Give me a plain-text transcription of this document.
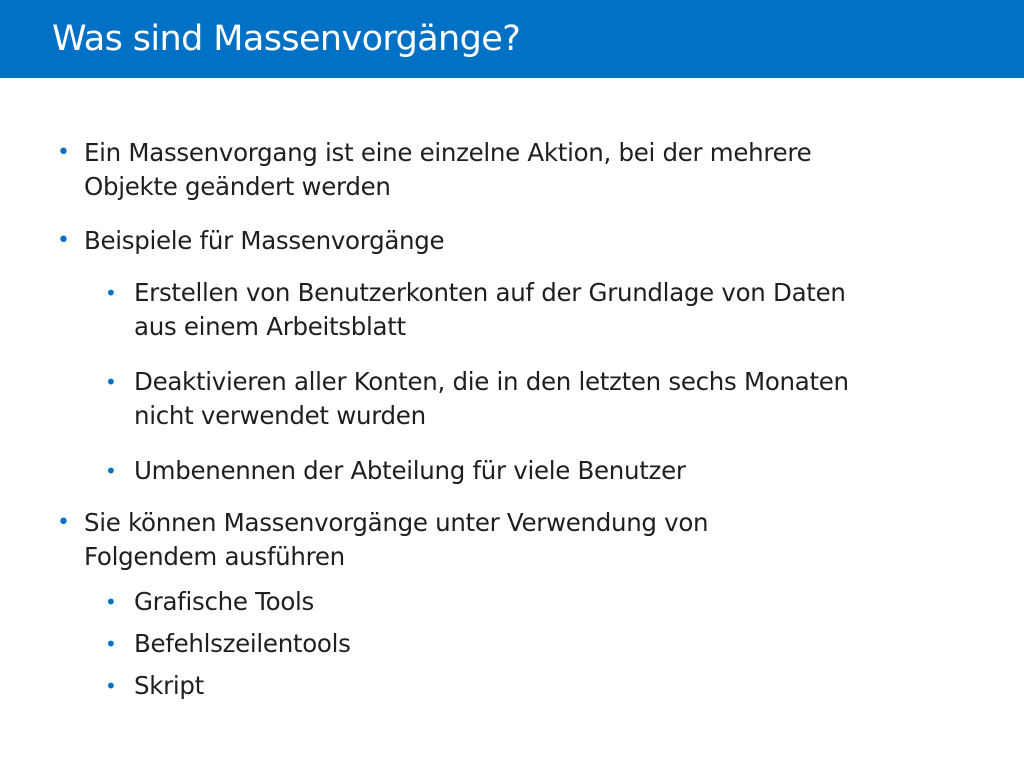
Was sind Massenvorgänge?
• Ein Massenvorgang ist eine einzelne Aktion, bei der mehrere
Objekte geändert werden
• Beispiele für Massenvorgänge
• Erstellen von Benutzerkonten auf der Grundlage von Daten
aus einem Arbeitsblatt
• Deaktivieren aller Konten, die in den letzten sechs Monaten
nicht verwendet wurden
• Umbenennen der Abteilung für viele Benutzer
• Sie können Massenvorgänge unter Verwendung von
Folgendem ausführen
• Grafische Tools
• Befehlszeilentools
• Skript
